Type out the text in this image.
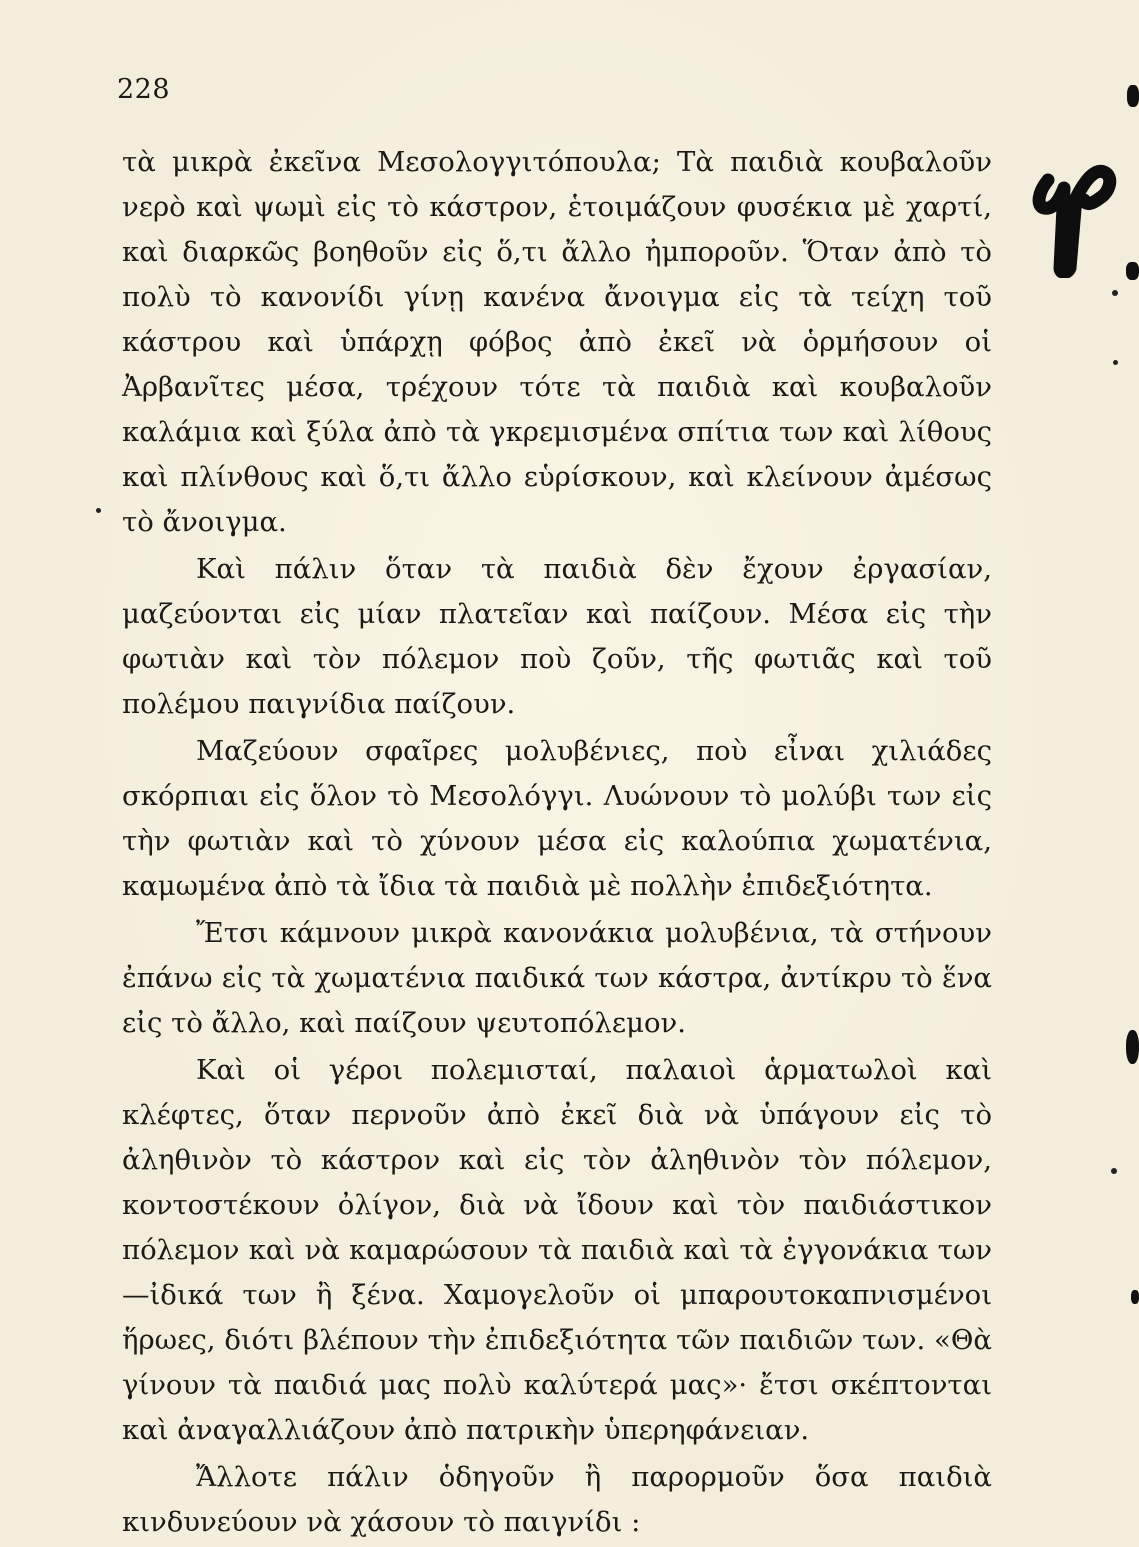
228

τὰ μικρὰ ἐκεῖνα Μεσολογγιτόπουλα; Τὰ παιδιὰ κουβαλοῦν νερὸ καὶ ψωμὶ εἰς τὸ κάστρον, ἑτοιμάζουν φυσέκια μὲ χαρτί, καὶ διαρκῶς βοηθοῦν εἰς ὅ,τι ἄλλο ἠμποροῦν. Ὅταν ἀπὸ τὸ πολὺ τὸ κανονίδι γίνῃ κανένα ἄνοιγμα εἰς τὰ τείχη τοῦ κάστρου καὶ ὑπάρχῃ φόβος ἀπὸ ἐκεῖ νὰ ὁρμήσουν οἱ Ἀρβανῖτες μέσα, τρέχουν τότε τὰ παιδιὰ καὶ κουβαλοῦν καλάμια καὶ ξύλα ἀπὸ τὰ γκρεμισμένα σπίτια των καὶ λίθους καὶ πλίνθους καὶ ὅ,τι ἄλλο εὑρίσκουν, καὶ κλείνουν ἀμέσως τὸ ἄνοιγμα.

Καὶ πάλιν ὅταν τὰ παιδιὰ δὲν ἔχουν ἐργασίαν, μαζεύονται εἰς μίαν πλατεῖαν καὶ παίζουν. Μέσα εἰς τὴν φωτιὰν καὶ τὸν πόλεμον ποὺ ζοῦν, τῆς φωτιᾶς καὶ τοῦ πολέμου παιγνίδια παίζουν.

Μαζεύουν σφαῖρες μολυβένιες, ποὺ εἶναι χιλιάδες σκόρπιαι εἰς ὅλον τὸ Μεσολόγγι. Λυώνουν τὸ μολύβι των εἰς τὴν φωτιὰν καὶ τὸ χύνουν μέσα εἰς καλούπια χωματένια, καμωμένα ἀπὸ τὰ ἴδια τὰ παιδιὰ μὲ πολλὴν ἐπιδεξιότητα.

Ἔτσι κάμνουν μικρὰ κανονάκια μολυβένια, τὰ στήνουν ἐπάνω εἰς τὰ χωματένια παιδικά των κάστρα, ἀντίκρυ τὸ ἕνα εἰς τὸ ἄλλο, καὶ παίζουν ψευτοπόλεμον.

Καὶ οἱ γέροι πολεμισταί, παλαιοὶ ἁρματωλοὶ καὶ κλέφτες, ὅταν περνοῦν ἀπὸ ἐκεῖ διὰ νὰ ὑπάγουν εἰς τὸ ἀληθινὸν τὸ κάστρον καὶ εἰς τὸν ἀληθινὸν τὸν πόλεμον, κοντοστέκουν ὀλίγον, διὰ νὰ ἴδουν καὶ τὸν παιδιάστικον πόλεμον καὶ νὰ καμαρώσουν τὰ παιδιὰ καὶ τὰ ἐγγονάκια των —ἰδικά των ἢ ξένα. Χαμογελοῦν οἱ μπαρουτοκαπνισμένοι ἥρωες, διότι βλέπουν τὴν ἐπιδεξιότητα τῶν παιδιῶν των. «Θὰ γίνουν τὰ παιδιά μας πολὺ καλύτερά μας»· ἔτσι σκέπτονται καὶ ἀναγαλλιάζουν ἀπὸ πατρικὴν ὑπερηφάνειαν.

Ἄλλοτε πάλιν ὁδηγοῦν ἢ παρορμοῦν ὅσα παιδιὰ κινδυνεύουν νὰ χάσουν τὸ παιγνίδι :
